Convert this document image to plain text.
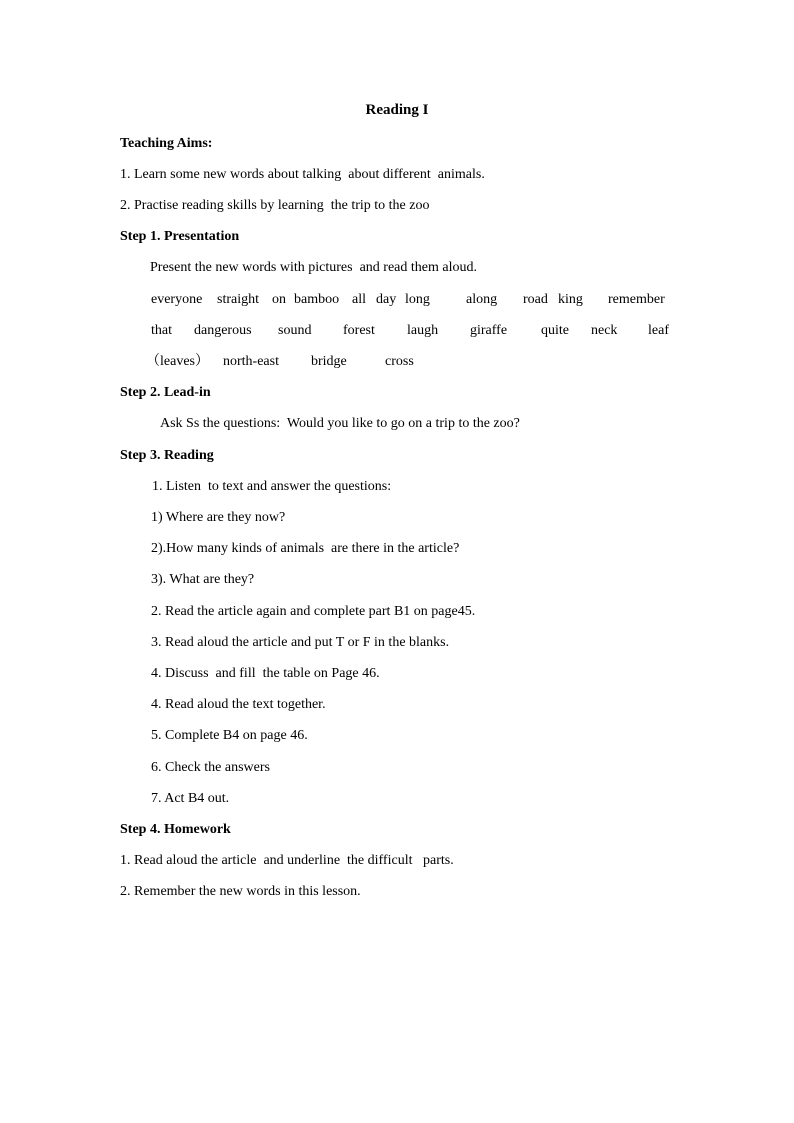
Reading I
Teaching Aims:
1. Learn some new words about talking  about different  animals.
2. Practise reading skills by learning  the trip to the zoo
Step 1. Presentation
Present the new words with pictures  and read them aloud.
everyone straight on bamboo all day long	along road king remember
that dangerous sound forest laugh giraffe quite neck leaf
（leaves） north-east bridge	cross
Step 2. Lead-in
Ask Ss the questions:  Would you like to go on a trip to the zoo?
Step 3. Reading
1. Listen  to text and answer the questions:
1) Where are they now?
2).How many kinds of animals  are there in the article?
3). What are they?
2. Read the article again and complete part B1 on page45.
3. Read aloud the article and put T or F in the blanks.
4. Discuss  and fill  the table on Page 46.
4. Read aloud the text together.
5. Complete B4 on page 46.
6. Check the answers
7. Act B4 out.
Step 4. Homework
1. Read aloud the article  and underline  the difficult   parts.
2. Remember the new words in this lesson.
